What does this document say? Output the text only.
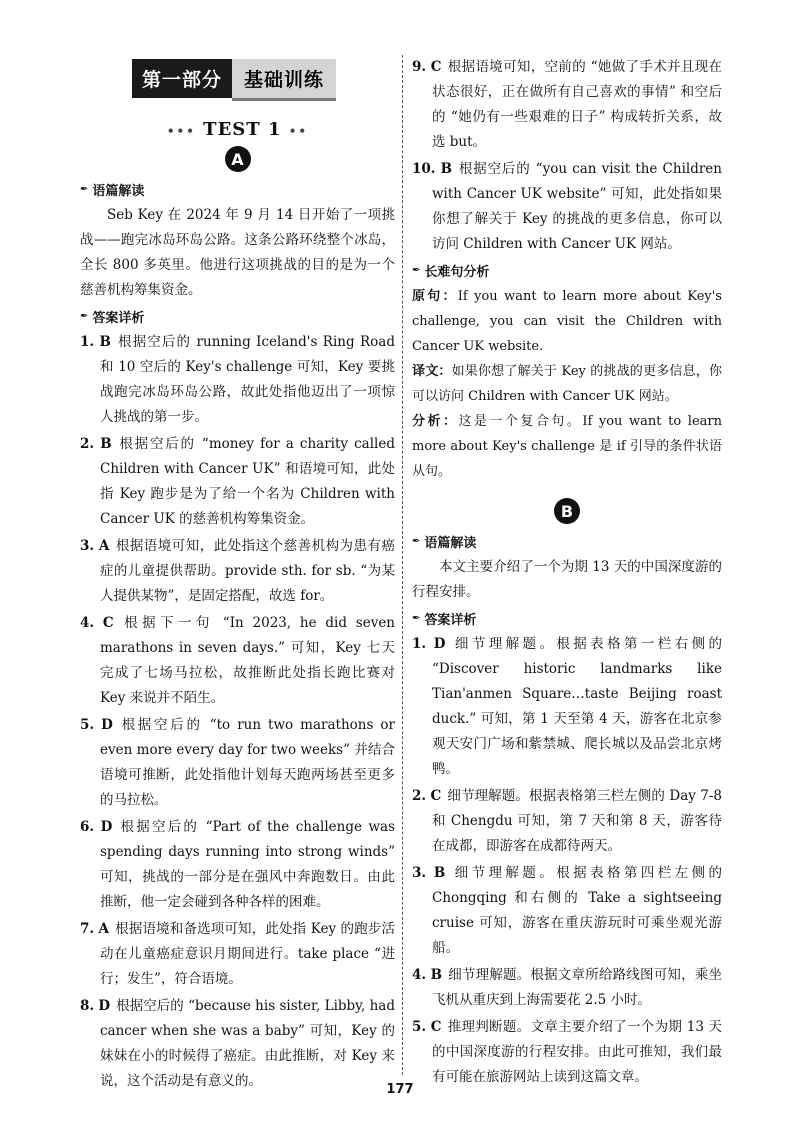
第一部分	基础训练
••• TEST 1 ••
A
✒ 语篇解读

Seb Key 在 2024 年 9 月 14 日开始了一项挑战——跑完冰岛环岛公路。这条公路环绕整个冰岛，全长 800 多英里。他进行这项挑战的目的是为一个慈善机构筹集资金。

✒ 答案详析

1. B 根据空后的 running Iceland's Ring Road 和 10 空后的 Key's challenge 可知，Key 要挑战跑完冰岛环岛公路，故此处指他迈出了一项惊人挑战的第一步。

2. B 根据空后的 “money for a charity called Children with Cancer UK” 和语境可知，此处指 Key 跑步是为了给一个名为 Children with Cancer UK 的慈善机构筹集资金。

3. A 根据语境可知，此处指这个慈善机构为患有癌症的儿童提供帮助。provide sth. for sb. “为某人提供某物”，是固定搭配，故选 for。

4. C 根据下一句 “In 2023, he did seven marathons in seven days.” 可知，Key 七天完成了七场马拉松，故推断此处指长跑比赛对 Key 来说并不陌生。

5. D 根据空后的 “to run two marathons or even more every day for two weeks” 并结合语境可推断，此处指他计划每天跑两场甚至更多的马拉松。

6. D 根据空后的 “Part of the challenge was spending days running into strong winds” 可知，挑战的一部分是在强风中奔跑数日。由此推断，他一定会碰到各种各样的困难。

7. A 根据语境和备选项可知，此处指 Key 的跑步活动在儿童癌症意识月期间进行。take place “进行；发生”，符合语境。

8. D 根据空后的 “because his sister, Libby, had cancer when she was a baby” 可知，Key 的妹妹在小的时候得了癌症。由此推断，对 Key 来说，这个活动是有意义的。

9. C 根据语境可知，空前的 “她做了手术并且现在状态很好，正在做所有自己喜欢的事情” 和空后的 “她仍有一些艰难的日子” 构成转折关系，故选 but。

10. B 根据空后的 “you can visit the Children with Cancer UK website” 可知，此处指如果你想了解关于 Key 的挑战的更多信息，你可以访问 Children with Cancer UK 网站。

✒ 长难句分析

原句：If you want to learn more about Key's challenge, you can visit the Children with Cancer UK website.

译文：如果你想了解关于 Key 的挑战的更多信息，你可以访问 Children with Cancer UK 网站。

分析：这是一个复合句。If you want to learn more about Key's challenge 是 if 引导的条件状语从句。

B
✒ 语篇解读

本文主要介绍了一个为期 13 天的中国深度游的行程安排。

✒ 答案详析

1. D 细节理解题。根据表格第一栏右侧的 “Discover historic landmarks like Tian'anmen Square…taste Beijing roast duck.” 可知，第 1 天至第 4 天，游客在北京参观天安门广场和紫禁城、爬长城以及品尝北京烤鸭。

2. C 细节理解题。根据表格第三栏左侧的 Day 7-8 和 Chengdu 可知，第 7 天和第 8 天，游客待在成都，即游客在成都待两天。

3. B 细节理解题。根据表格第四栏左侧的 Chongqing 和右侧的 Take a sightseeing cruise 可知，游客在重庆游玩时可乘坐观光游船。

4. B 细节理解题。根据文章所给路线图可知，乘坐飞机从重庆到上海需要花 2.5 小时。

5. C 推理判断题。文章主要介绍了一个为期 13 天的中国深度游的行程安排。由此可推知，我们最有可能在旅游网站上读到这篇文章。

177
